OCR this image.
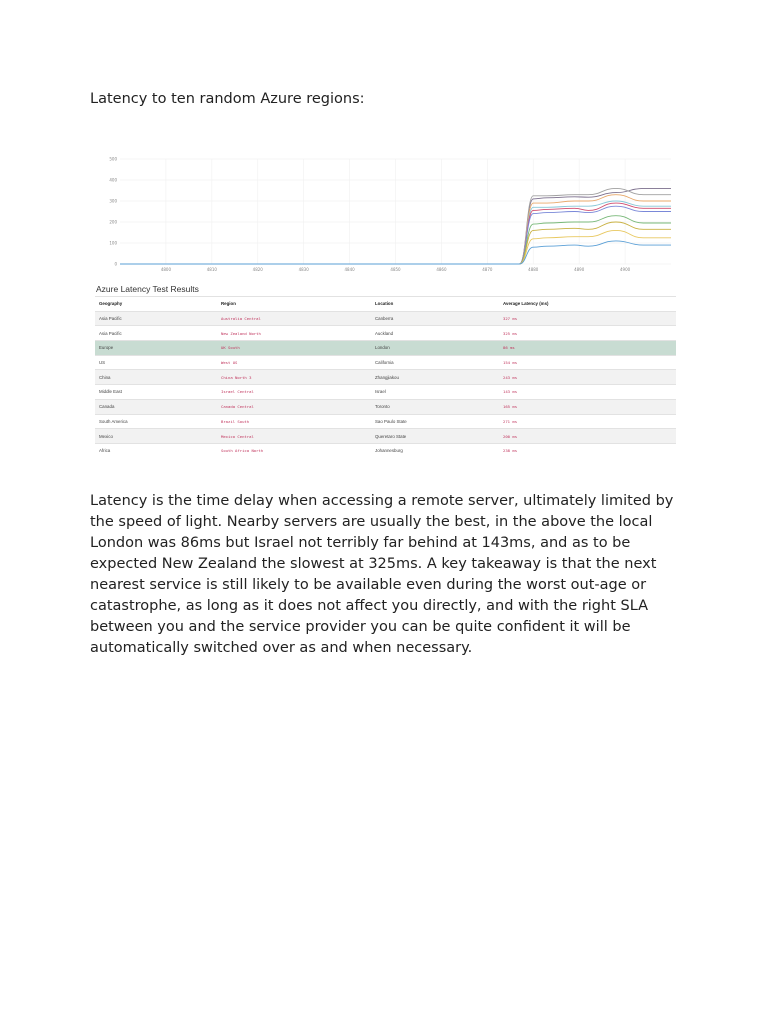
Latency to ten random Azure regions:
0
100
200
300
400
500
4800	4810	4820	4830	4840	4850	4860	4870	4880	4890	4900
Azure Latency Test Results
Geography	Region	Location	Average Latency (ms)
Asia Pacific	Australia Central	Canberra	327 ms
Asia Pacific	New Zealand North	Auckland	325 ms
Europe	UK South	London	86 ms
US	West US	California	154 ms
China	China North 3	Zhangjiakou	243 ms
Middle East	Israel Central	Israel	143 ms
Canada	Canada Central	Toronto	165 ms
South America	Brazil South	Sao Paulo State	271 ms
Mexico	Mexico Central	Queretaro State	200 ms
Africa	South Africa North	Johannesburg	238 ms

Latency is the time delay when accessing a remote server, ultimately limited by the speed of light. Nearby servers are usually the best, in the above the local London was 86ms but Israel not terribly far behind at 143ms, and as to be expected New Zealand the slowest at 325ms. A key takeaway is that the next nearest service is still likely to be available even during the worst out-age or catastrophe, as long as it does not affect you directly, and with the right SLA between you and the service provider you can be quite confident it will be automatically switched over as and when necessary.
